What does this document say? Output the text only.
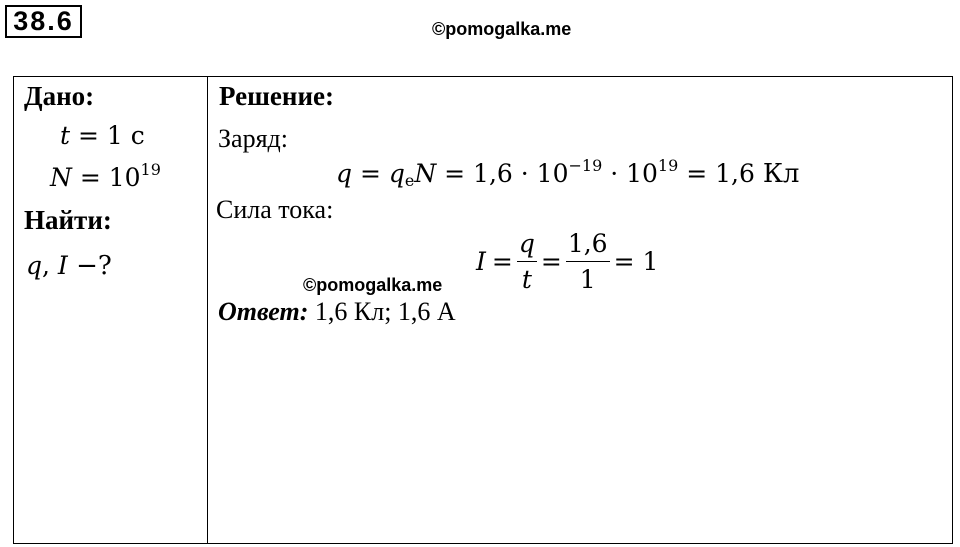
38.6	©pomogalka.me
Дано:
t = 1 с
$N = 10^{19}$
Найти:
q, I −?
Решение:
Заряд:
$q = q_eN = 1,6 \cdot 10^{-19} \cdot 10^{19} = 1,6$ Кл
Сила тока:
$I = \frac{q}{t} = \frac{1,6}{1} = 1$
©pomogalka.me
Ответ: 1,6 Кл; 1,6 А
